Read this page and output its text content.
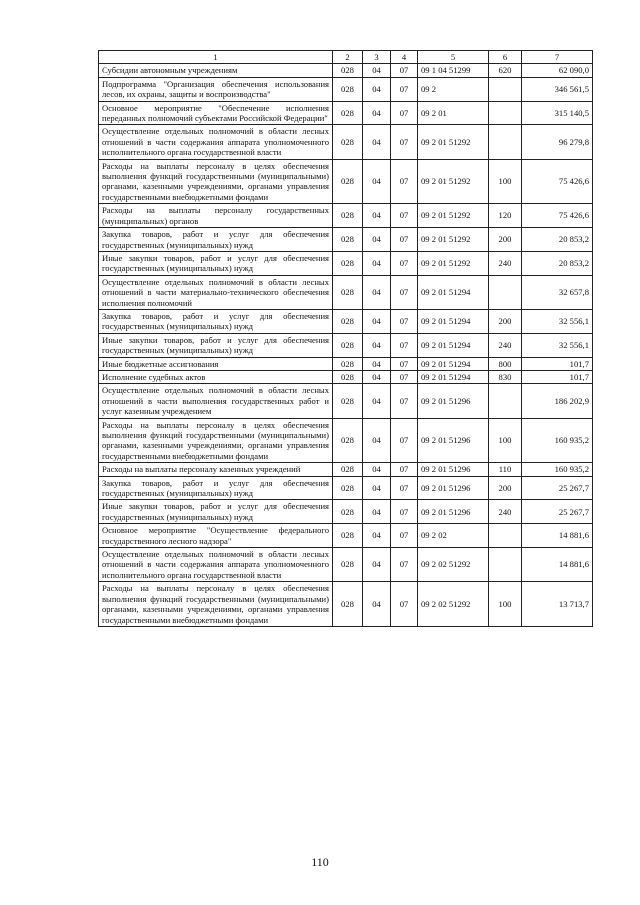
1	2	3	4	5	6	7
Субсидии автономным учреждениям	028	04	07	09 1 04 51299	620	62 090,0
Подпрограмма "Организация обеспечения использования лесов, их охраны, защиты и воспроизводства"	028	04	07	09 2		346 561,5
Основное мероприятие "Обеспечение исполнения переданных полномочий субъектами Российской Федерации"	028	04	07	09 2 01		315 140,5
Осуществление отдельных полномочий в области лесных отношений в части содержания аппарата уполномоченного исполнительного органа государственной власти	028	04	07	09 2 01 51292		96 279,8
Расходы на выплаты персоналу в целях обеспечения выполнения функций государственными (муниципальными) органами, казенными учреждениями, органами управления государственными внебюджетными фондами	028	04	07	09 2 01 51292	100	75 426,6
Расходы на выплаты персоналу государственных (муниципальных) органов	028	04	07	09 2 01 51292	120	75 426,6
Закупка товаров, работ и услуг для обеспечения государственных (муниципальных) нужд	028	04	07	09 2 01 51292	200	20 853,2
Иные закупки товаров, работ и услуг для обеспечения государственных (муниципальных) нужд	028	04	07	09 2 01 51292	240	20 853,2
Осуществление отдельных полномочий в области лесных отношений в части материально-технического обеспечения исполнения полномочий	028	04	07	09 2 01 51294		32 657,8
Закупка товаров, работ и услуг для обеспечения государственных (муниципальных) нужд	028	04	07	09 2 01 51294	200	32 556,1
Иные закупки товаров, работ и услуг для обеспечения государственных (муниципальных) нужд	028	04	07	09 2 01 51294	240	32 556,1
Иные бюджетные ассигнования	028	04	07	09 2 01 51294	800	101,7
Исполнение судебных актов	028	04	07	09 2 01 51294	830	101,7
Осуществление отдельных полномочий в области лесных отношений в части выполнения государственных работ и услуг казенным учреждением	028	04	07	09 2 01 51296		186 202,9
Расходы на выплаты персоналу в целях обеспечения выполнения функций государственными (муниципальными) органами, казенными учреждениями, органами управления государственными внебюджетными фондами	028	04	07	09 2 01 51296	100	160 935,2
Расходы на выплаты персоналу казенных учреждений	028	04	07	09 2 01 51296	110	160 935,2
Закупка товаров, работ и услуг для обеспечения государственных (муниципальных) нужд	028	04	07	09 2 01 51296	200	25 267,7
Иные закупки товаров, работ и услуг для обеспечения государственных (муниципальных) нужд	028	04	07	09 2 01 51296	240	25 267,7
Основное мероприятие "Осуществление федерального государственного лесного надзора"	028	04	07	09 2 02		14 881,6
Осуществление отдельных полномочий в области лесных отношений в части содержания аппарата уполномоченного исполнительного органа государственной власти	028	04	07	09 2 02 51292		14 881,6
Расходы на выплаты персоналу в целях обеспечения выполнения функций государственными (муниципальными) органами, казенными учреждениями, органами управления государственными внебюджетными фондами	028	04	07	09 2 02 51292	100	13 713,7
110
